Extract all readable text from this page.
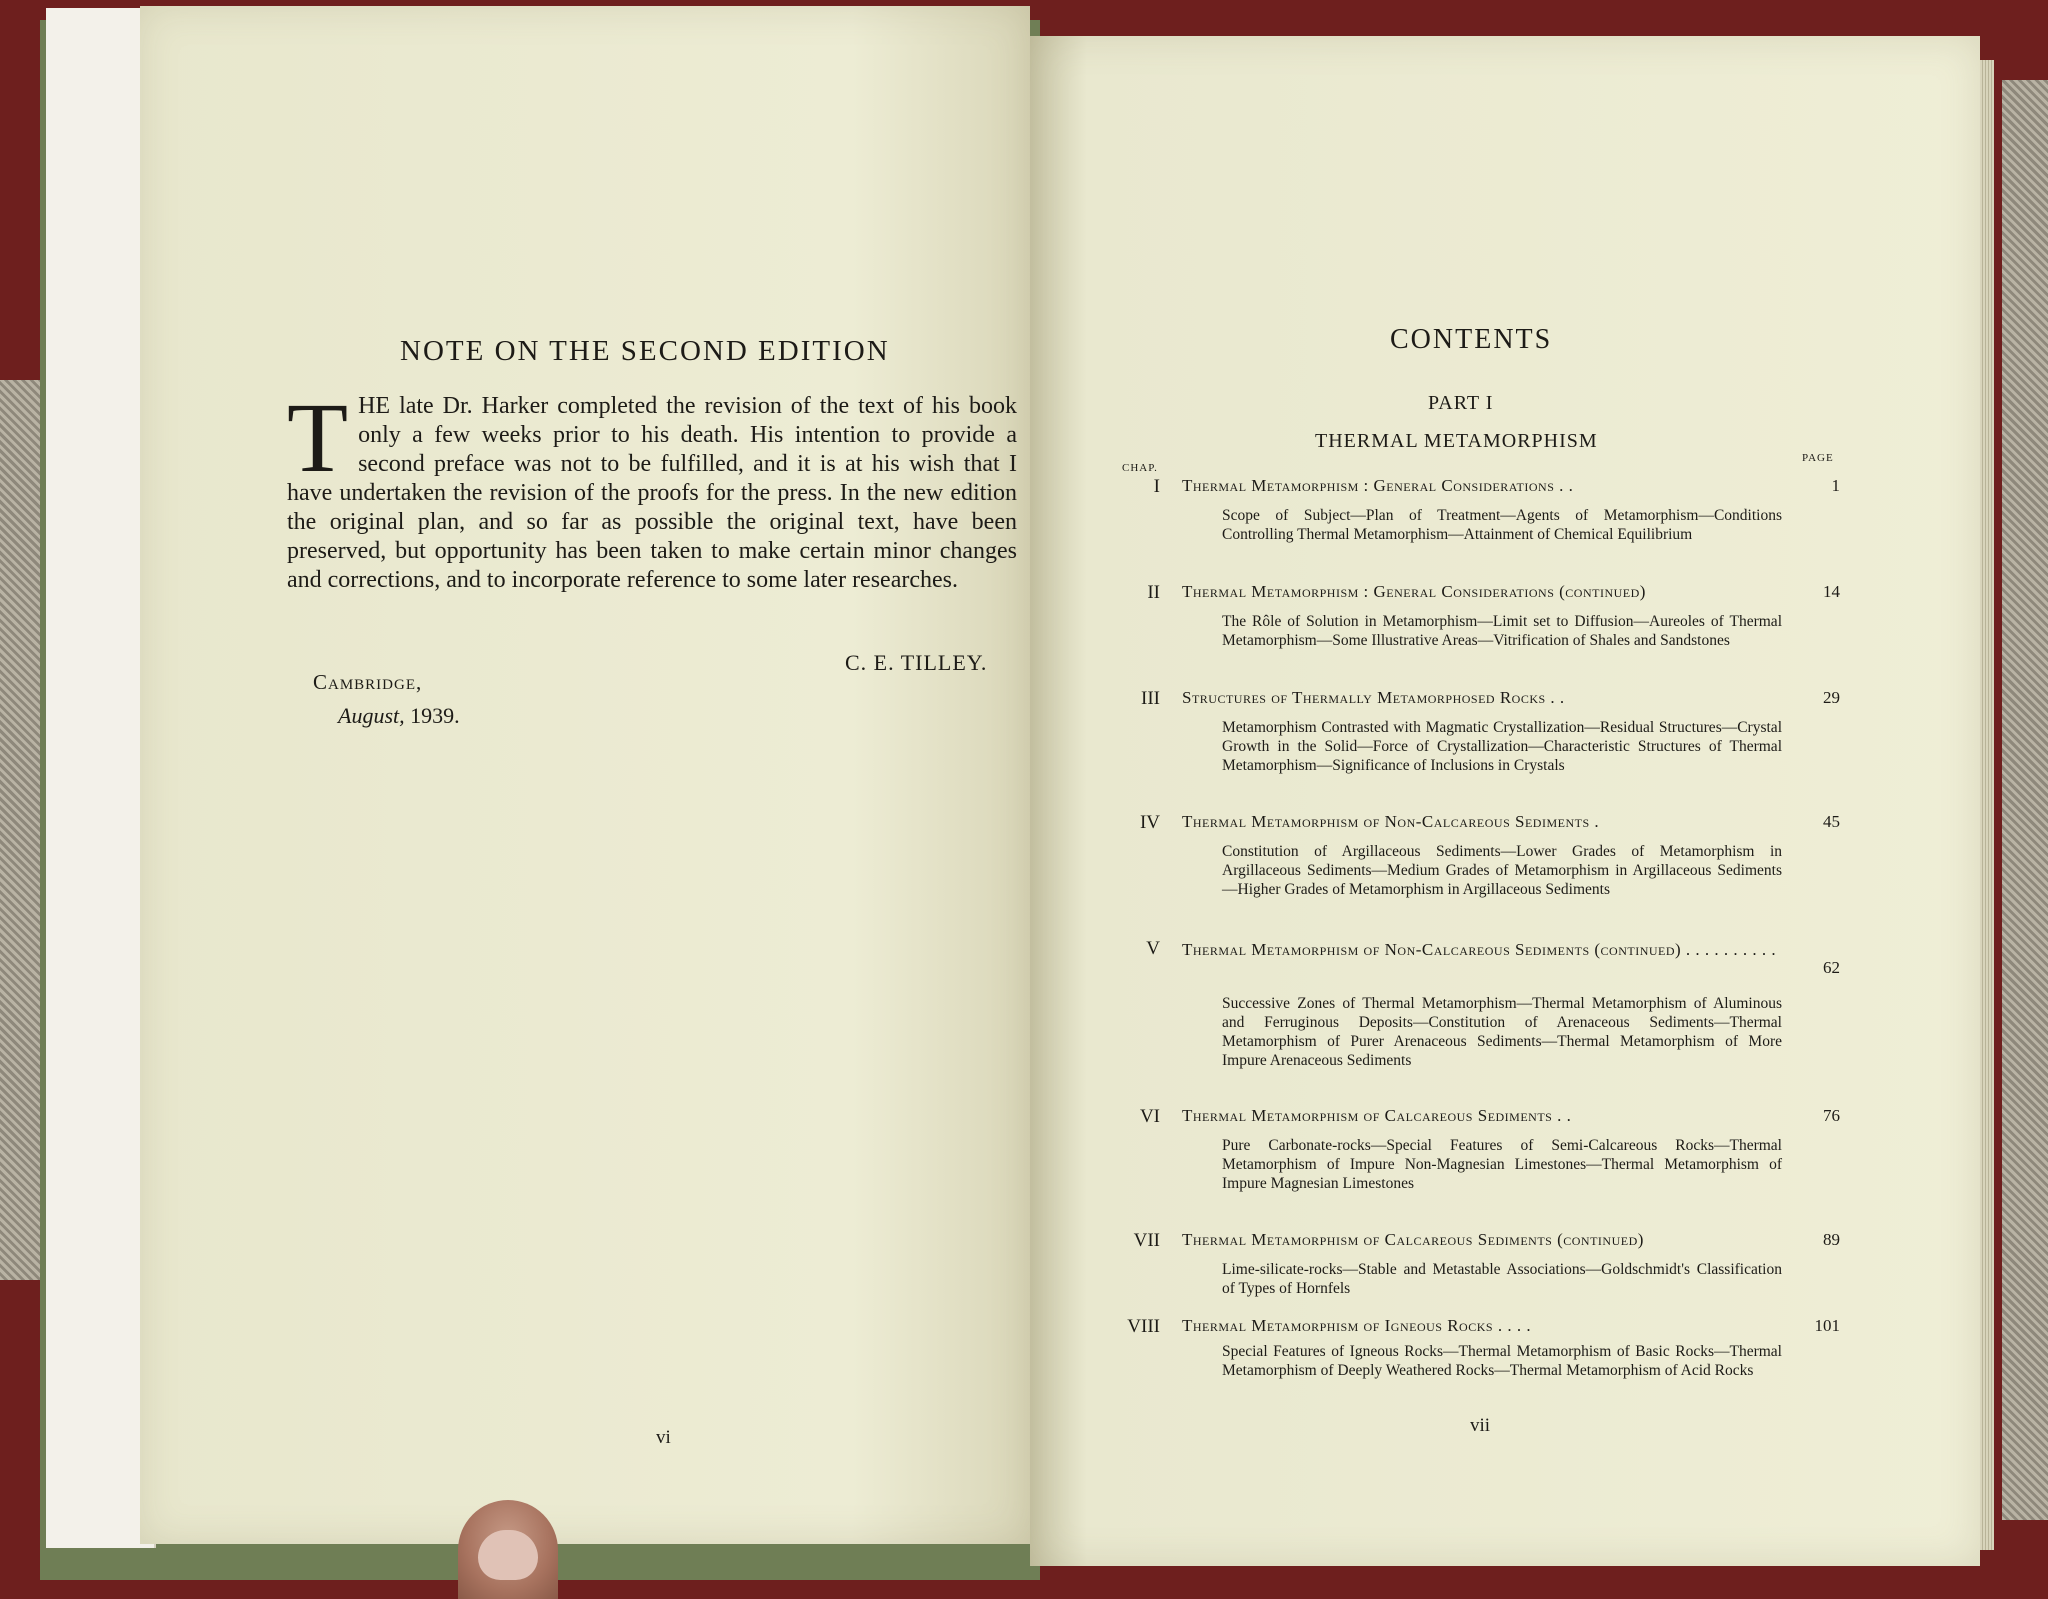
NOTE ON THE SECOND EDITION
T HE late Dr. Harker completed the revision of the text of his book only a few weeks prior to his death. His intention to provide a second preface was not to be fulfilled, and it is at his wish that I have undertaken the revision of the proofs for the press. In the new edition the original plan, and so far as possible the original text, have been preserved, but opportunity has been taken to make certain minor changes and corrections, and to incorporate reference to some later researches.
C. E. TILLEY.
Cambridge,
August, 1939.
vi
CONTENTS
PART I
THERMAL METAMORPHISM
CHAP.
PAGE
I Thermal Metamorphism : General Considerations . .	1
Scope of Subject—Plan of Treatment—Agents of Metamorphism—Conditions Controlling Thermal Metamorphism—Attainment of Chemical Equilibrium
II Thermal Metamorphism : General Considerations (continued)	14
The Rôle of Solution in Metamorphism—Limit set to Diffusion—Aureoles of Thermal Metamorphism—Some Illustrative Areas—Vitrification of Shales and Sandstones
III Structures of Thermally Metamorphosed Rocks . .	29
Metamorphism Contrasted with Magmatic Crystallization—Residual Structures—Crystal Growth in the Solid—Force of Crystallization—Characteristic Structures of Thermal Metamorphism—Significance of Inclusions in Crystals
IV Thermal Metamorphism of Non-Calcareous Sediments .	45
Constitution of Argillaceous Sediments—Lower Grades of Metamorphism in Argillaceous Sediments—Medium Grades of Metamorphism in Argillaceous Sediments—Higher Grades of Metamorphism in Argillaceous Sediments
V Thermal Metamorphism of Non-Calcareous Sediments (continued) . . . . . . . . . .
62
Successive Zones of Thermal Metamorphism—Thermal Metamorphism of Aluminous and Ferruginous Deposits—Constitution of Arenaceous Sediments—Thermal Metamorphism of Purer Arenaceous Sediments—Thermal Metamorphism of More Impure Arenaceous Sediments
VI Thermal Metamorphism of Calcareous Sediments . .	76
Pure Carbonate-rocks—Special Features of Semi-Calcareous Rocks—Thermal Metamorphism of Impure Non-Magnesian Limestones—Thermal Metamorphism of Impure Magnesian Limestones
VII Thermal Metamorphism of Calcareous Sediments (continued)	89
Lime-silicate-rocks—Stable and Metastable Associations—Goldschmidt's Classification of Types of Hornfels
VIII Thermal Metamorphism of Igneous Rocks . . . .	101
Special Features of Igneous Rocks—Thermal Metamorphism of Basic Rocks—Thermal Metamorphism of Deeply Weathered Rocks—Thermal Metamorphism of Acid Rocks
vii
